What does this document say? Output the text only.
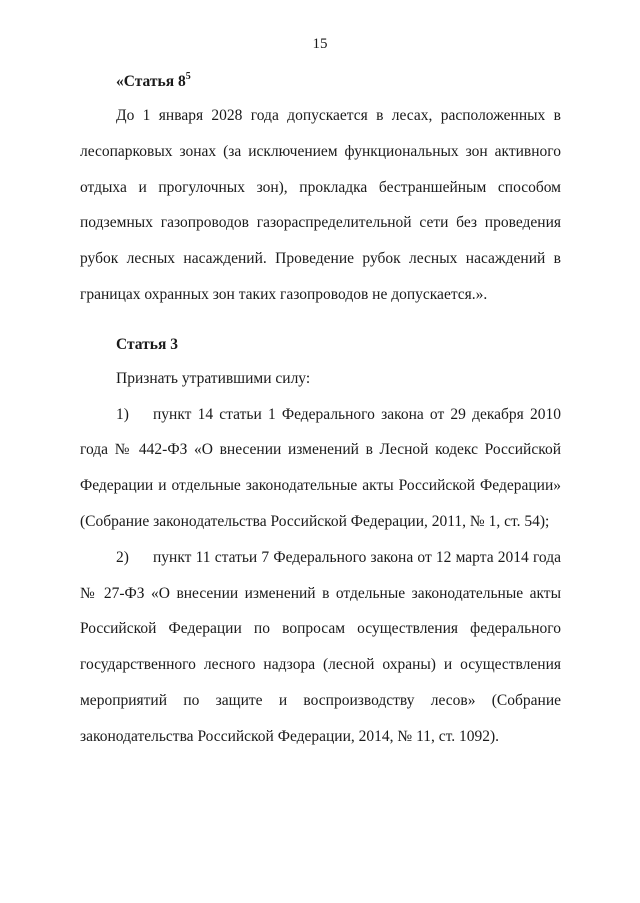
15

«Статья $8^5$

До 1 января 2028 года допускается в лесах, расположенных в лесопарковых зонах (за исключением функциональных зон активного отдыха и прогулочных зон), прокладка бестраншейным способом подземных газопроводов газораспределительной сети без проведения рубок лесных насаждений. Проведение рубок лесных насаждений в границах охранных зон таких газопроводов не допускается.».

Статья 3

Признать утратившими силу:

1) пункт 14 статьи 1 Федерального закона от 29 декабря 2010 года № 442-ФЗ «О внесении изменений в Лесной кодекс Российской Федерации и отдельные законодательные акты Российской Федерации» (Собрание законодательства Российской Федерации, 2011, № 1, ст. 54);

2) пункт 11 статьи 7 Федерального закона от 12 марта 2014 года № 27-ФЗ «О внесении изменений в отдельные законодательные акты Российской Федерации по вопросам осуществления федерального государственного лесного надзора (лесной охраны) и осуществления мероприятий по защите и воспроизводству лесов» (Собрание законодательства Российской Федерации, 2014, № 11, ст. 1092).
